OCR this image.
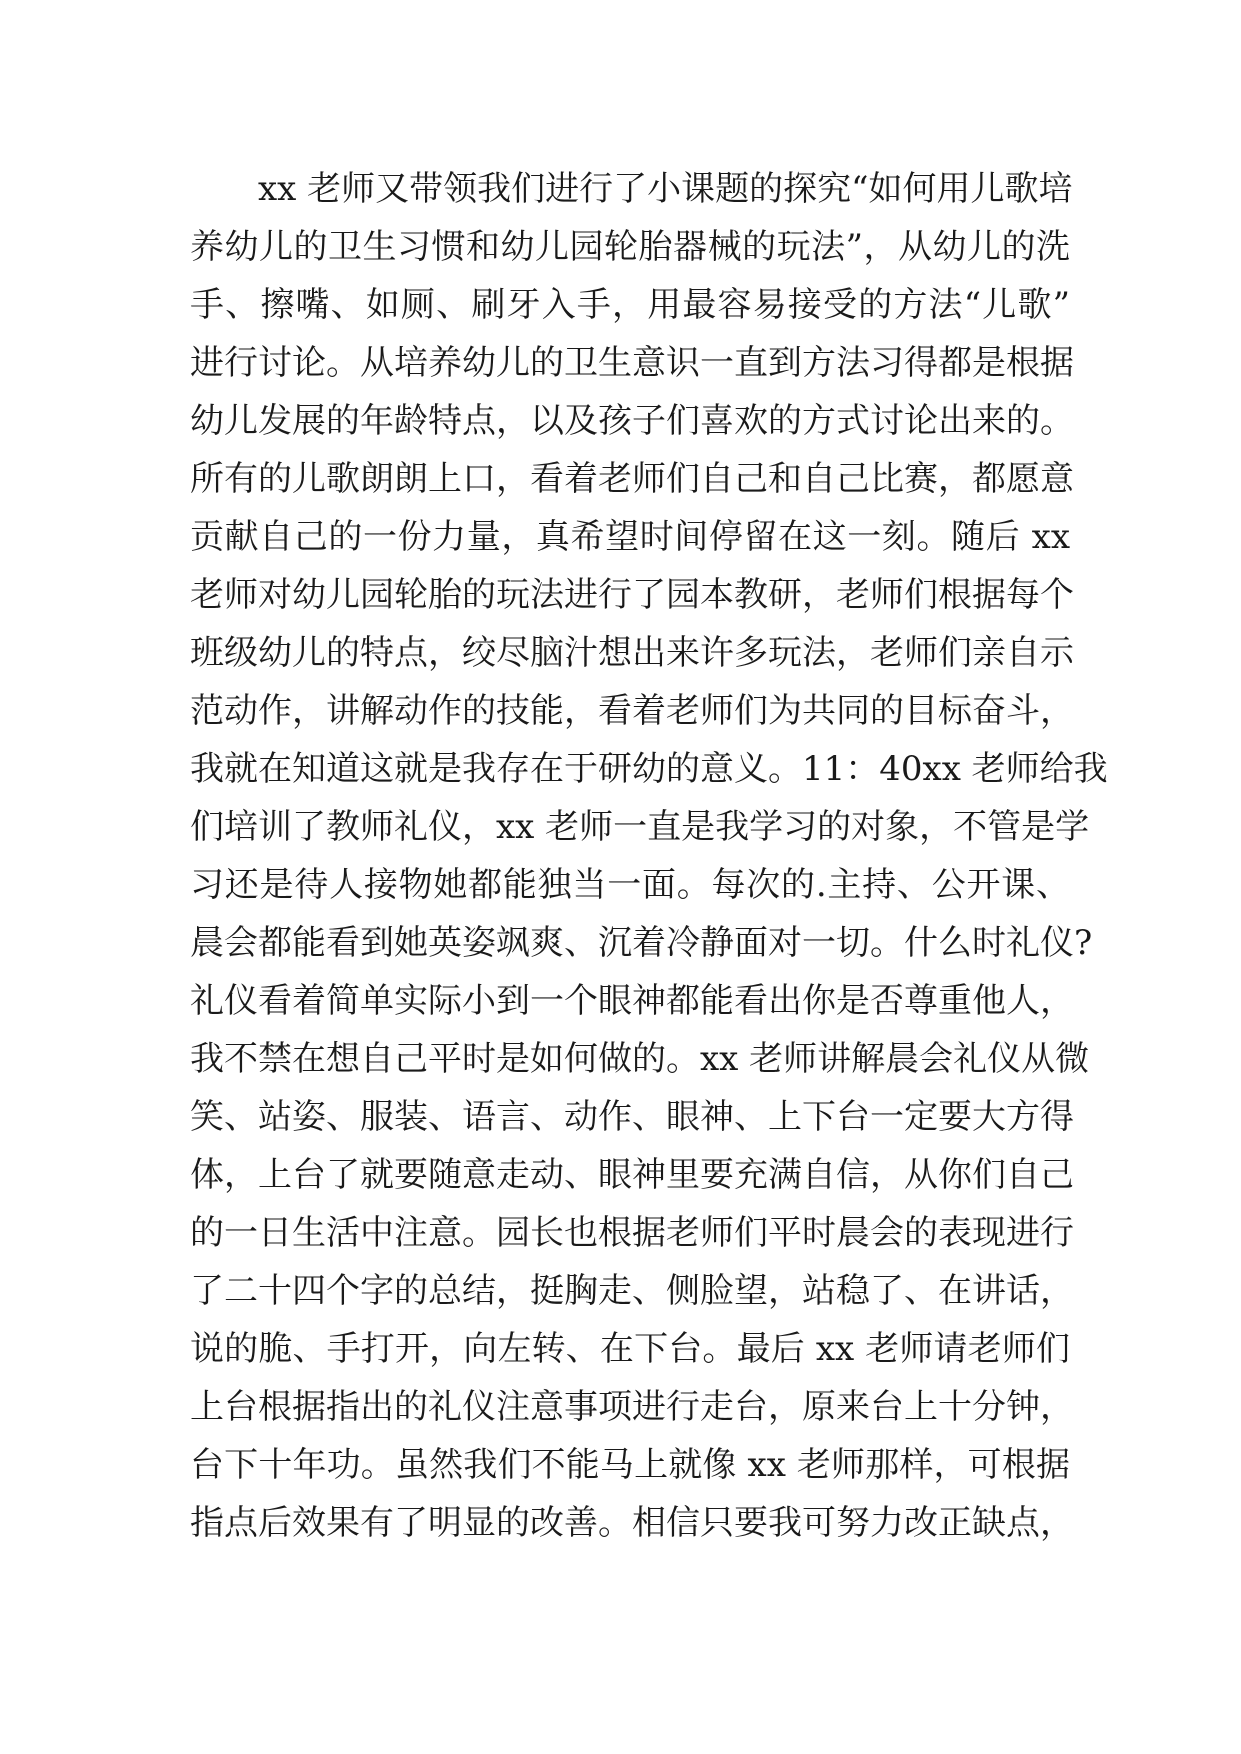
xx 老师又带领我们进行了小课题的探究“如何用儿歌培
养幼儿的卫生习惯和幼儿园轮胎器械的玩法”，从幼儿的洗
手、擦嘴、如厕、刷牙入手，用最容易接受的方法“儿歌”
进行讨论。从培养幼儿的卫生意识一直到方法习得都是根据
幼儿发展的年龄特点，以及孩子们喜欢的方式讨论出来的。
所有的儿歌朗朗上口，看着老师们自己和自己比赛，都愿意
贡献自己的一份力量，真希望时间停留在这一刻。随后 xx
老师对幼儿园轮胎的玩法进行了园本教研，老师们根据每个
班级幼儿的特点，绞尽脑汁想出来许多玩法，老师们亲自示
范动作，讲解动作的技能，看着老师们为共同的目标奋斗，
我就在知道这就是我存在于研幼的意义。11：40xx 老师给我
们培训了教师礼仪，xx 老师一直是我学习的对象，不管是学
习还是待人接物她都能独当一面。每次的.主持、公开课、
晨会都能看到她英姿飒爽、沉着冷静面对一切。什么时礼仪?
礼仪看着简单实际小到一个眼神都能看出你是否尊重他人，
我不禁在想自己平时是如何做的。xx 老师讲解晨会礼仪从微
笑、站姿、服装、语言、动作、眼神、上下台一定要大方得
体，上台了就要随意走动、眼神里要充满自信，从你们自己
的一日生活中注意。园长也根据老师们平时晨会的表现进行
了二十四个字的总结，挺胸走、侧脸望，站稳了、在讲话，
说的脆、手打开，向左转、在下台。最后 xx 老师请老师们
上台根据指出的礼仪注意事项进行走台，原来台上十分钟，
台下十年功。虽然我们不能马上就像 xx 老师那样，可根据
指点后效果有了明显的改善。相信只要我可努力改正缺点，
